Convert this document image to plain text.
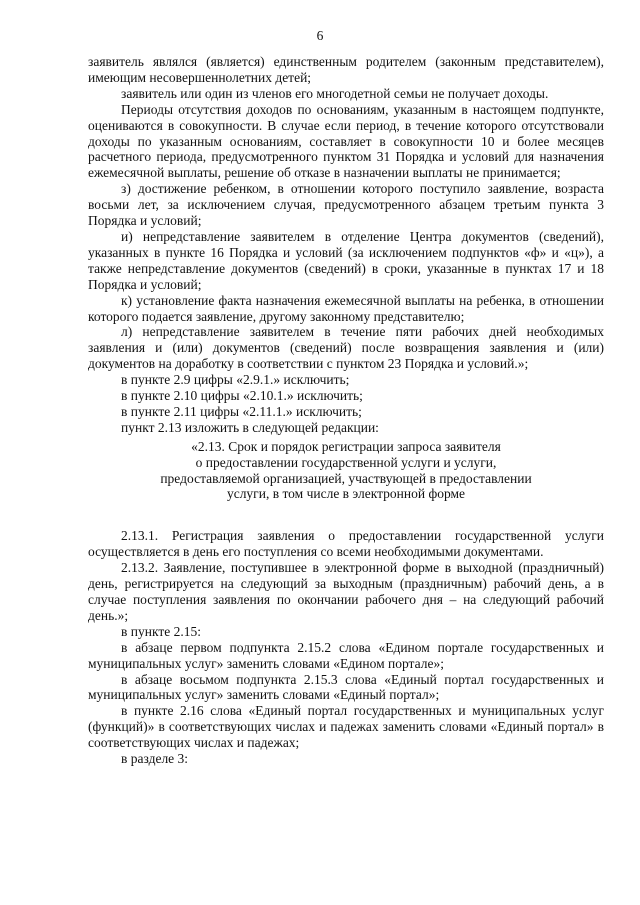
6

заявитель являлся (является) единственным родителем (законным представителем), имеющим несовершеннолетних детей;

заявитель или один из членов его многодетной семьи не получает доходы.

Периоды отсутствия доходов по основаниям, указанным в настоящем подпункте, оцениваются в совокупности. В случае если период, в течение которого отсутствовали доходы по указанным основаниям, составляет в совокупности 10 и более месяцев расчетного периода, предусмотренного пунктом 31 Порядка и условий для назначения ежемесячной выплаты, решение об отказе в назначении выплаты не принимается;

з) достижение ребенком, в отношении которого поступило заявление, возраста восьми лет, за исключением случая, предусмотренного абзацем третьим пункта 3 Порядка и условий;

и) непредставление заявителем в отделение Центра документов (сведений), указанных в пункте 16 Порядка и условий (за исключением подпунктов «ф» и «ц»), а также непредставление документов (сведений) в сроки, указанные в пунктах 17 и 18 Порядка и условий;

к) установление факта назначения ежемесячной выплаты на ребенка, в отношении которого подается заявление, другому законному представителю;

л) непредставление заявителем в течение пяти рабочих дней необходимых заявления и (или) документов (сведений) после возвращения заявления и (или) документов на доработку в соответствии с пунктом 23 Порядка и условий.»;

в пункте 2.9 цифры «2.9.1.» исключить;

в пункте 2.10 цифры «2.10.1.» исключить;

в пункте 2.11 цифры «2.11.1.» исключить;

пункт 2.13 изложить в следующей редакции:

«2.13. Срок и порядок регистрации запроса заявителя
о предоставлении государственной услуги и услуги,
предоставляемой организацией, участвующей в предоставлении
услуги, в том числе в электронной форме

2.13.1. Регистрация заявления о предоставлении государственной услуги осуществляется в день его поступления со всеми необходимыми документами.

2.13.2. Заявление, поступившее в электронной форме в выходной (праздничный) день, регистрируется на следующий за выходным (праздничным) рабочий день, а в случае поступления заявления по окончании рабочего дня – на следующий рабочий день.»;

в пункте 2.15:

в абзаце первом подпункта 2.15.2 слова «Едином портале государственных и муниципальных услуг» заменить словами «Едином портале»;

в абзаце восьмом подпункта 2.15.3 слова «Единый портал государственных и муниципальных услуг» заменить словами «Единый портал»;

в пункте 2.16 слова «Единый портал государственных и муниципальных услуг (функций)» в соответствующих числах и падежах заменить словами «Единый портал» в соответствующих числах и падежах;

в разделе 3:
